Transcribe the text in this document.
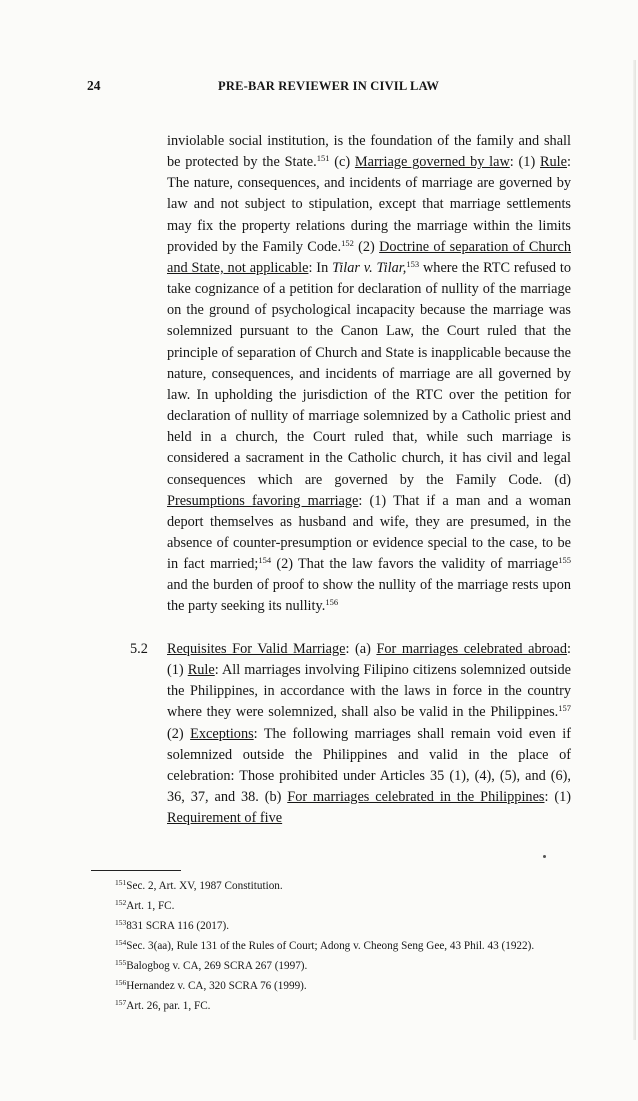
24	PRE-BAR REVIEWER IN CIVIL LAW

inviolable social institution, is the foundation of the family and shall be protected by the State.$^{151}$ (c) Marriage governed by law: (1) Rule: The nature, consequences, and incidents of marriage are governed by law and not subject to stipulation, except that marriage settlements may fix the property relations during the marriage within the limits provided by the Family Code.$^{152}$ (2) Doctrine of separation of Church and State, not applicable: In Tilar v. Tilar,$^{153}$ where the RTC refused to take cognizance of a petition for declaration of nullity of the marriage on the ground of psychological incapacity because the marriage was solemnized pursuant to the Canon Law, the Court ruled that the principle of separation of Church and State is inapplicable because the nature, consequences, and incidents of marriage are all governed by law. In upholding the jurisdiction of the RTC over the petition for declaration of nullity of marriage solemnized by a Catholic priest and held in a church, the Court ruled that, while such marriage is considered a sacrament in the Catholic church, it has civil and legal consequences which are governed by the Family Code. (d) Presumptions favoring marriage: (1) That if a man and a woman deport themselves as husband and wife, they are presumed, in the absence of counter-presumption or evidence special to the case, to be in fact married;$^{154}$ (2) That the law favors the validity of marriage$^{155}$ and the burden of proof to show the nullity of the marriage rests upon the party seeking its nullity.$^{156}$

5.2 Requisites For Valid Marriage: (a) For marriages celebrated abroad: (1) Rule: All marriages involving Filipino citizens solemnized outside the Philippines, in accordance with the laws in force in the country where they were solemnized, shall also be valid in the Philippines.$^{157}$ (2) Exceptions: The following marriages shall remain void even if solemnized outside the Philippines and valid in the place of celebration: Those prohibited under Articles 35 (1), (4), (5), and (6), 36, 37, and 38. (b) For marriages celebrated in the Philippines: (1) Requirement of five

$^{151}$Sec. 2, Art. XV, 1987 Constitution.

$^{152}$Art. 1, FC.

$^{153}$831 SCRA 116 (2017).

$^{154}$Sec. 3(aa), Rule 131 of the Rules of Court; Adong v. Cheong Seng Gee, 43 Phil. 43 (1922).

$^{155}$Balogbog v. CA, 269 SCRA 267 (1997).

$^{156}$Hernandez v. CA, 320 SCRA 76 (1999).

$^{157}$Art. 26, par. 1, FC.
